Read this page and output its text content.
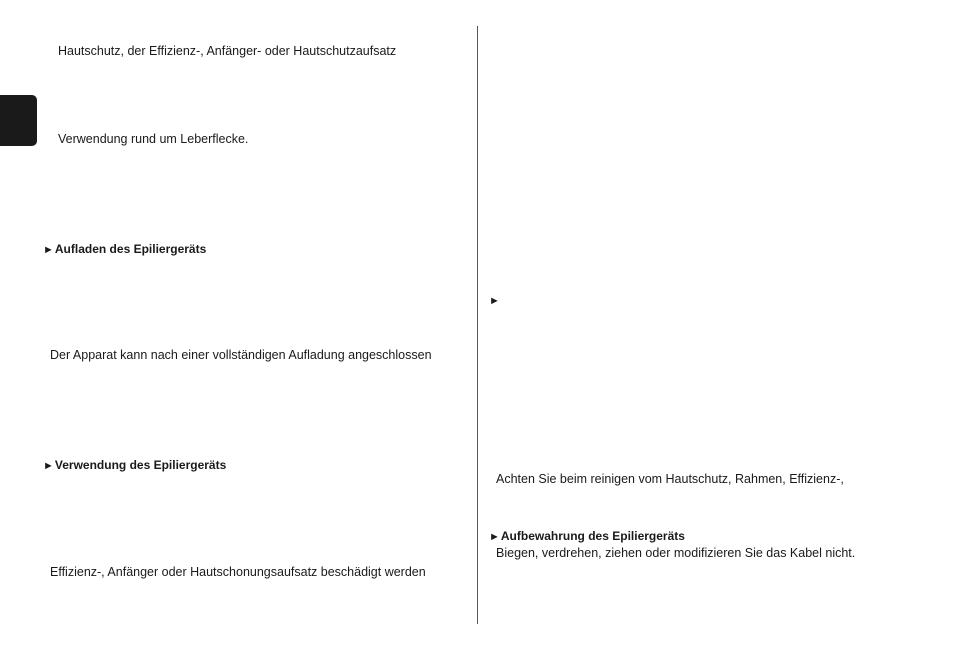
Hautschutz, der Effizienz-, Anfänger- oder Hautschutzaufsatz
Verwendung rund um Leberflecke.
►Aufladen des Epiliergeräts
Der Apparat kann nach einer vollständigen Aufladung angeschlossen
►Verwendung des Epiliergeräts
Effizienz-, Anfänger oder Hautschonungsaufsatz beschädigt werden
►
Achten Sie beim reinigen vom Hautschutz, Rahmen, Effizienz-,
►Aufbewahrung des Epiliergeräts
Biegen, verdrehen, ziehen oder modifizieren Sie das Kabel nicht.
